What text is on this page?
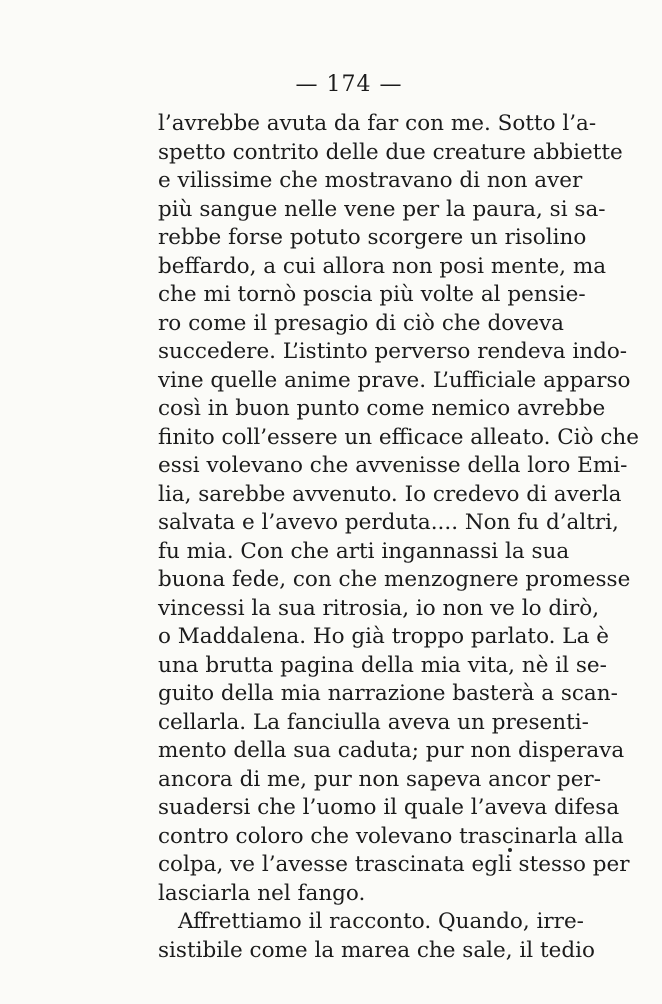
— 174 —
l’avrebbe avuta da far con me. Sotto l’a-
spetto contrito delle due creature abbiette
e vilissime che mostravano di non aver
più sangue nelle vene per la paura, si sa-
rebbe forse potuto scorgere un risolino
beffardo, a cui allora non posi mente, ma
che mi tornò poscia più volte al pensie-
ro come il presagio di ciò che doveva
succedere. L’istinto perverso rendeva indo-
vine quelle anime prave. L’ufficiale apparso
così in buon punto come nemico avrebbe
finito coll’essere un efficace alleato. Ciò che
essi volevano che avvenisse della loro Emi-
lia, sarebbe avvenuto. Io credevo di averla
salvata e l’avevo perduta.... Non fu d’altri,
fu mia. Con che arti ingannassi la sua
buona fede, con che menzognere promesse
vincessi la sua ritrosia, io non ve lo dirò,
o Maddalena. Ho già troppo parlato. La è
una brutta pagina della mia vita, nè il se-
guito della mia narrazione basterà a scan-
cellarla. La fanciulla aveva un presenti-
mento della sua caduta; pur non disperava
ancora di me, pur non sapeva ancor per-
suadersi che l’uomo il quale l’aveva difesa
contro coloro che volevano trascinarla alla
colpa, ve l’avesse trascinata egli stesso per
lasciarla nel fango.
Affrettiamo il racconto. Quando, irre-
sistibile come la marea che sale, il tedio
